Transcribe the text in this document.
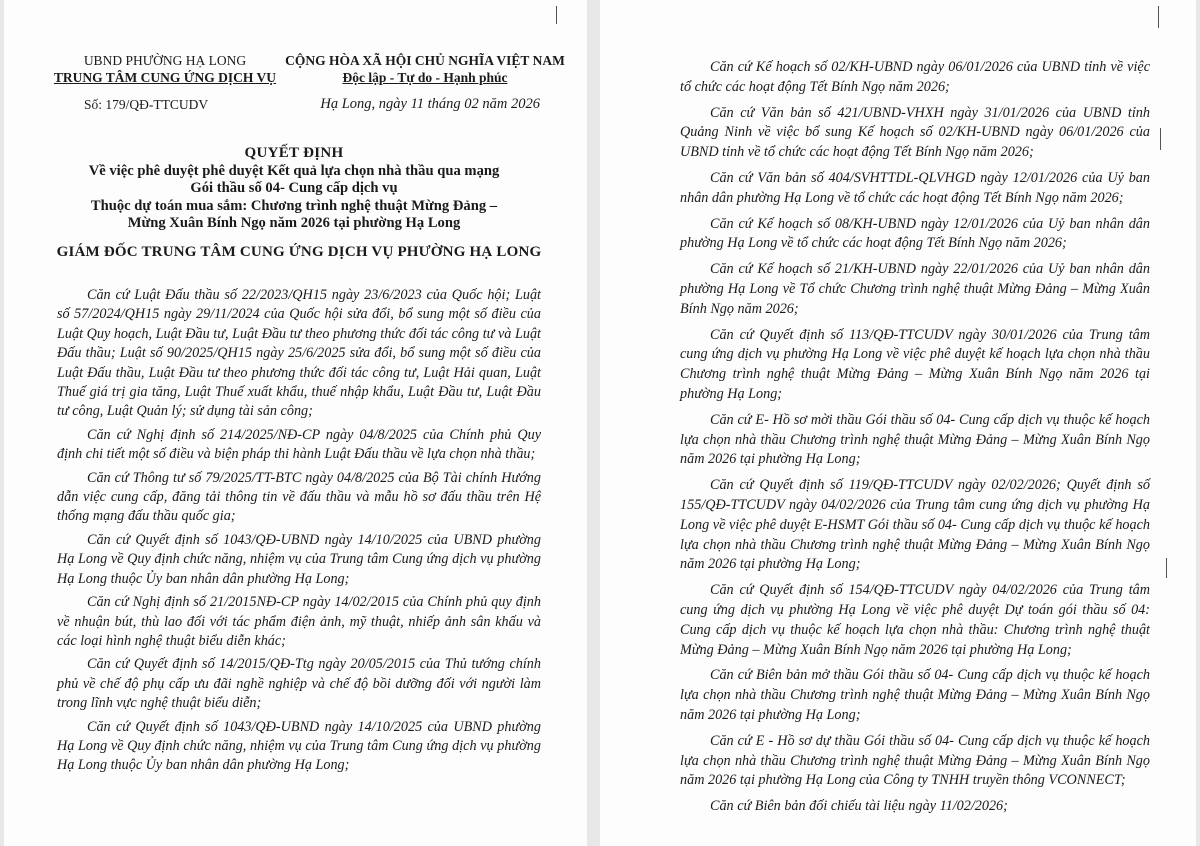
UBND PHƯỜNG HẠ LONG
TRUNG TÂM CUNG ỨNG DỊCH VỤ
Số: 179/QĐ-TTCUDV
CỘNG HÒA XÃ HỘI CHỦ NGHĨA VIỆT NAM
Độc lập - Tự do - Hạnh phúc
Hạ Long, ngày 11 tháng 02 năm 2026
QUYẾT ĐỊNH
Về việc phê duyệt phê duyệt Kết quả lựa chọn nhà thầu qua mạng
Gói thầu số 04- Cung cấp dịch vụ
Thuộc dự toán mua sắm: Chương trình nghệ thuật Mừng Đảng –
Mừng Xuân Bính Ngọ năm 2026 tại phường Hạ Long
GIÁM ĐỐC TRUNG TÂM CUNG ỨNG DỊCH VỤ PHƯỜNG HẠ LONG

Căn cứ Luật Đấu thầu số 22/2023/QH15 ngày 23/6/2023 của Quốc hội; Luật số 57/2024/QH15 ngày 29/11/2024 của Quốc hội sửa đổi, bổ sung một số điều của Luật Quy hoạch, Luật Đầu tư, Luật Đầu tư theo phương thức đối tác công tư và Luật Đấu thầu; Luật số 90/2025/QH15 ngày 25/6/2025 sửa đổi, bổ sung một số điều của Luật Đấu thầu, Luật Đầu tư theo phương thức đối tác công tư, Luật Hải quan, Luật Thuế giá trị gia tăng, Luật Thuế xuất khẩu, thuế nhập khẩu, Luật Đầu tư, Luật Đầu tư công, Luật Quản lý; sử dụng tài sản công;

Căn cứ Nghị định số 214/2025/NĐ-CP ngày 04/8/2025 của Chính phủ Quy định chi tiết một số điều và biện pháp thi hành Luật Đấu thầu về lựa chọn nhà thầu;

Căn cứ Thông tư số 79/2025/TT-BTC ngày 04/8/2025 của Bộ Tài chính Hướng dẫn việc cung cấp, đăng tải thông tin về đấu thầu và mẫu hồ sơ đấu thầu trên Hệ thống mạng đấu thầu quốc gia;

Căn cứ Quyết định số 1043/QĐ-UBND ngày 14/10/2025 của UBND phường Hạ Long về Quy định chức năng, nhiệm vụ của Trung tâm Cung ứng dịch vụ phường Hạ Long thuộc Ủy ban nhân dân phường Hạ Long;

Căn cứ Nghị định số 21/2015NĐ-CP ngày 14/02/2015 của Chính phủ quy định về nhuận bút, thù lao đối với tác phẩm điện ảnh, mỹ thuật, nhiếp ảnh sân khấu và các loại hình nghệ thuật biểu diễn khác;

Căn cứ Quyết định số 14/2015/QĐ-Ttg ngày 20/05/2015 của Thủ tướng chính phủ về chế độ phụ cấp ưu đãi nghề nghiệp và chế độ bồi dưỡng đối với người làm trong lĩnh vực nghệ thuật biểu diễn;

Căn cứ Quyết định số 1043/QĐ-UBND ngày 14/10/2025 của UBND phường Hạ Long về Quy định chức năng, nhiệm vụ của Trung tâm Cung ứng dịch vụ phường Hạ Long thuộc Ủy ban nhân dân phường Hạ Long;

Căn cứ Kế hoạch số 02/KH-UBND ngày 06/01/2026 của UBND tỉnh về việc tổ chức các hoạt động Tết Bính Ngọ năm 2026;

Căn cứ Văn bản số 421/UBND-VHXH ngày 31/01/2026 của UBND tỉnh Quảng Ninh về việc bổ sung Kế hoạch số 02/KH-UBND ngày 06/01/2026 của UBND tỉnh về tổ chức các hoạt động Tết Bính Ngọ năm 2026;

Căn cứ Văn bản số 404/SVHTTDL-QLVHGD ngày 12/01/2026 của Uỷ ban nhân dân phường Hạ Long về tổ chức các hoạt động Tết Bính Ngọ năm 2026;

Căn cứ Kế hoạch số 08/KH-UBND ngày 12/01/2026 của Uỷ ban nhân dân phường Hạ Long về tổ chức các hoạt động Tết Bính Ngọ năm 2026;

Căn cứ Kế hoạch số 21/KH-UBND ngày 22/01/2026 của Uỷ ban nhân dân phường Hạ Long về Tổ chức Chương trình nghệ thuật Mừng Đảng – Mừng Xuân Bính Ngọ năm 2026;

Căn cứ Quyết định số 113/QĐ-TTCUDV ngày 30/01/2026 của Trung tâm cung ứng dịch vụ phường Hạ Long về việc phê duyệt kế hoạch lựa chọn nhà thầu Chương trình nghệ thuật Mừng Đảng – Mừng Xuân Bính Ngọ năm 2026 tại phường Hạ Long;

Căn cứ E- Hồ sơ mời thầu Gói thầu số 04- Cung cấp dịch vụ thuộc kế hoạch lựa chọn nhà thầu Chương trình nghệ thuật Mừng Đảng – Mừng Xuân Bính Ngọ năm 2026 tại phường Hạ Long;

Căn cứ Quyết định số 119/QĐ-TTCUDV ngày 02/02/2026; Quyết định số 155/QĐ-TTCUDV ngày 04/02/2026 của Trung tâm cung ứng dịch vụ phường Hạ Long về việc phê duyệt E-HSMT Gói thầu số 04- Cung cấp dịch vụ thuộc kế hoạch lựa chọn nhà thầu Chương trình nghệ thuật Mừng Đảng – Mừng Xuân Bính Ngọ năm 2026 tại phường Hạ Long;

Căn cứ Quyết định số 154/QĐ-TTCUDV ngày 04/02/2026 của Trung tâm cung ứng dịch vụ phường Hạ Long về việc phê duyệt Dự toán gói thầu số 04: Cung cấp dịch vụ thuộc kế hoạch lựa chọn nhà thầu: Chương trình nghệ thuật Mừng Đảng – Mừng Xuân Bính Ngọ năm 2026 tại phường Hạ Long;

Căn cứ Biên bản mở thầu Gói thầu số 04- Cung cấp dịch vụ thuộc kế hoạch lựa chọn nhà thầu Chương trình nghệ thuật Mừng Đảng – Mừng Xuân Bính Ngọ năm 2026 tại phường Hạ Long;

Căn cứ E - Hồ sơ dự thầu Gói thầu số 04- Cung cấp dịch vụ thuộc kế hoạch lựa chọn nhà thầu Chương trình nghệ thuật Mừng Đảng – Mừng Xuân Bính Ngọ năm 2026 tại phường Hạ Long của Công ty TNHH truyền thông VCONNECT;

Căn cứ Biên bản đối chiếu tài liệu ngày 11/02/2026;
